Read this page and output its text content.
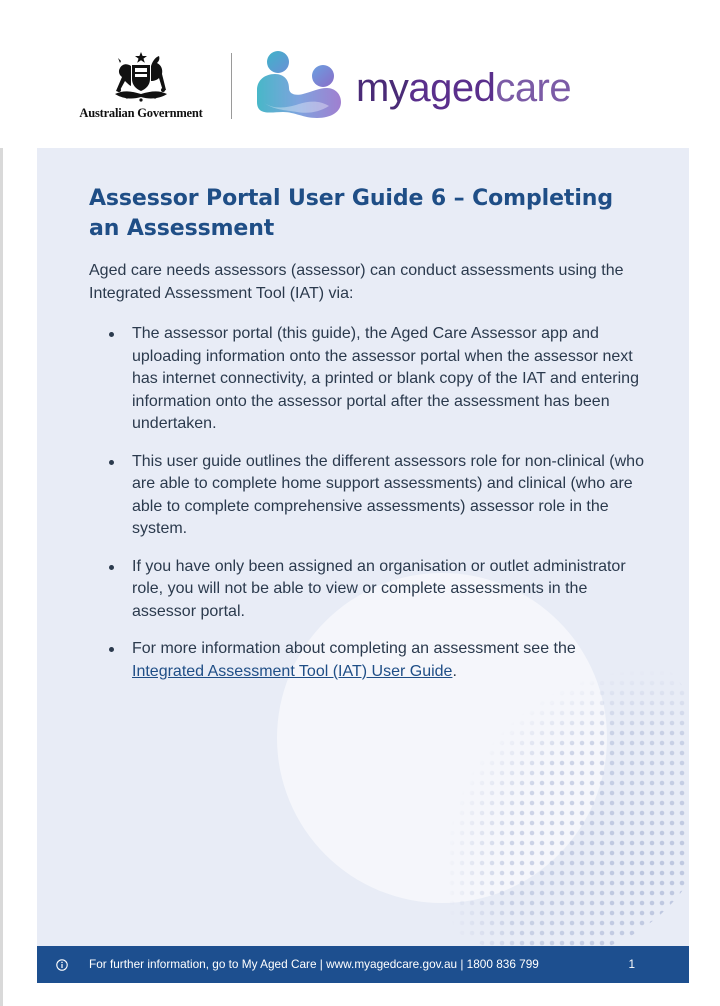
Australian Government
myagedcare
Assessor Portal User Guide 6 – Completing an Assessment

Aged care needs assessors (assessor) can conduct assessments using the Integrated Assessment Tool (IAT) via:

The assessor portal (this guide), the Aged Care Assessor app and uploading information onto the assessor portal when the assessor next has internet connectivity, a printed or blank copy of the IAT and entering information onto the assessor portal after the assessment has been undertaken.
This user guide outlines the different assessors role for non-clinical (who are able to complete home support assessments) and clinical (who are able to complete comprehensive assessments) assessor role in the system.
If you have only been assigned an organisation or outlet administrator role, you will not be able to view or complete assessments in the assessor portal.
For more information about completing an assessment see the Integrated Assessment Tool (IAT) User Guide.
For further information, go to My Aged Care | www.myagedcare.gov.au | 1800 836 799	1
